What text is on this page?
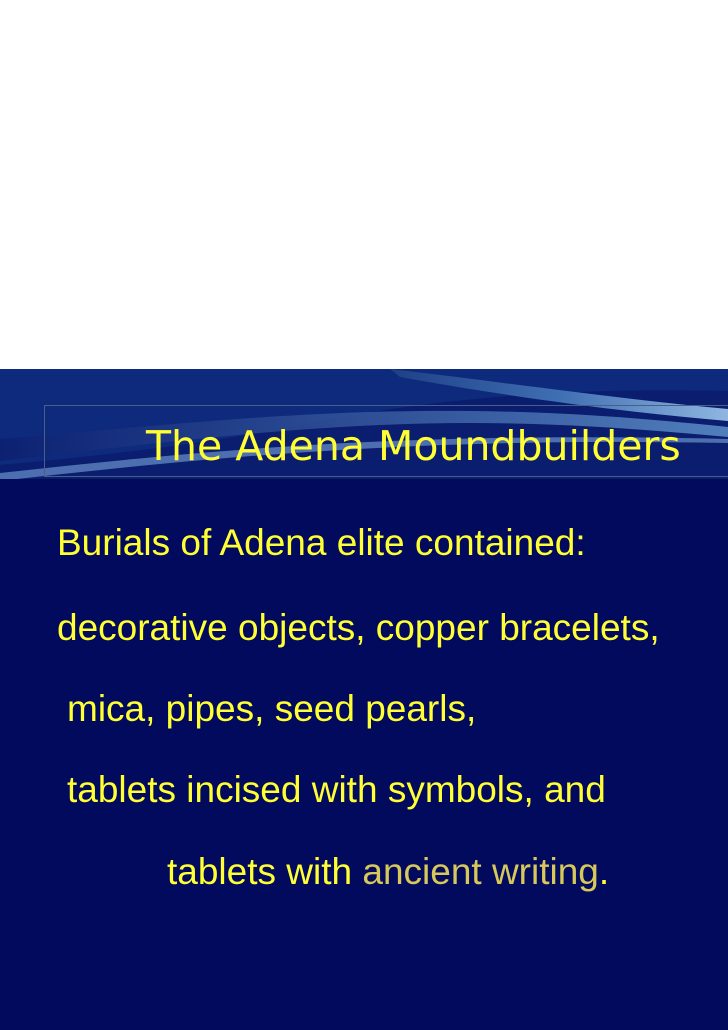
The Adena Moundbuilders

Burials of Adena elite contained:

decorative objects, copper bracelets,

mica, pipes, seed pearls,

tablets incised with symbols, and

tablets with ancient writing.
